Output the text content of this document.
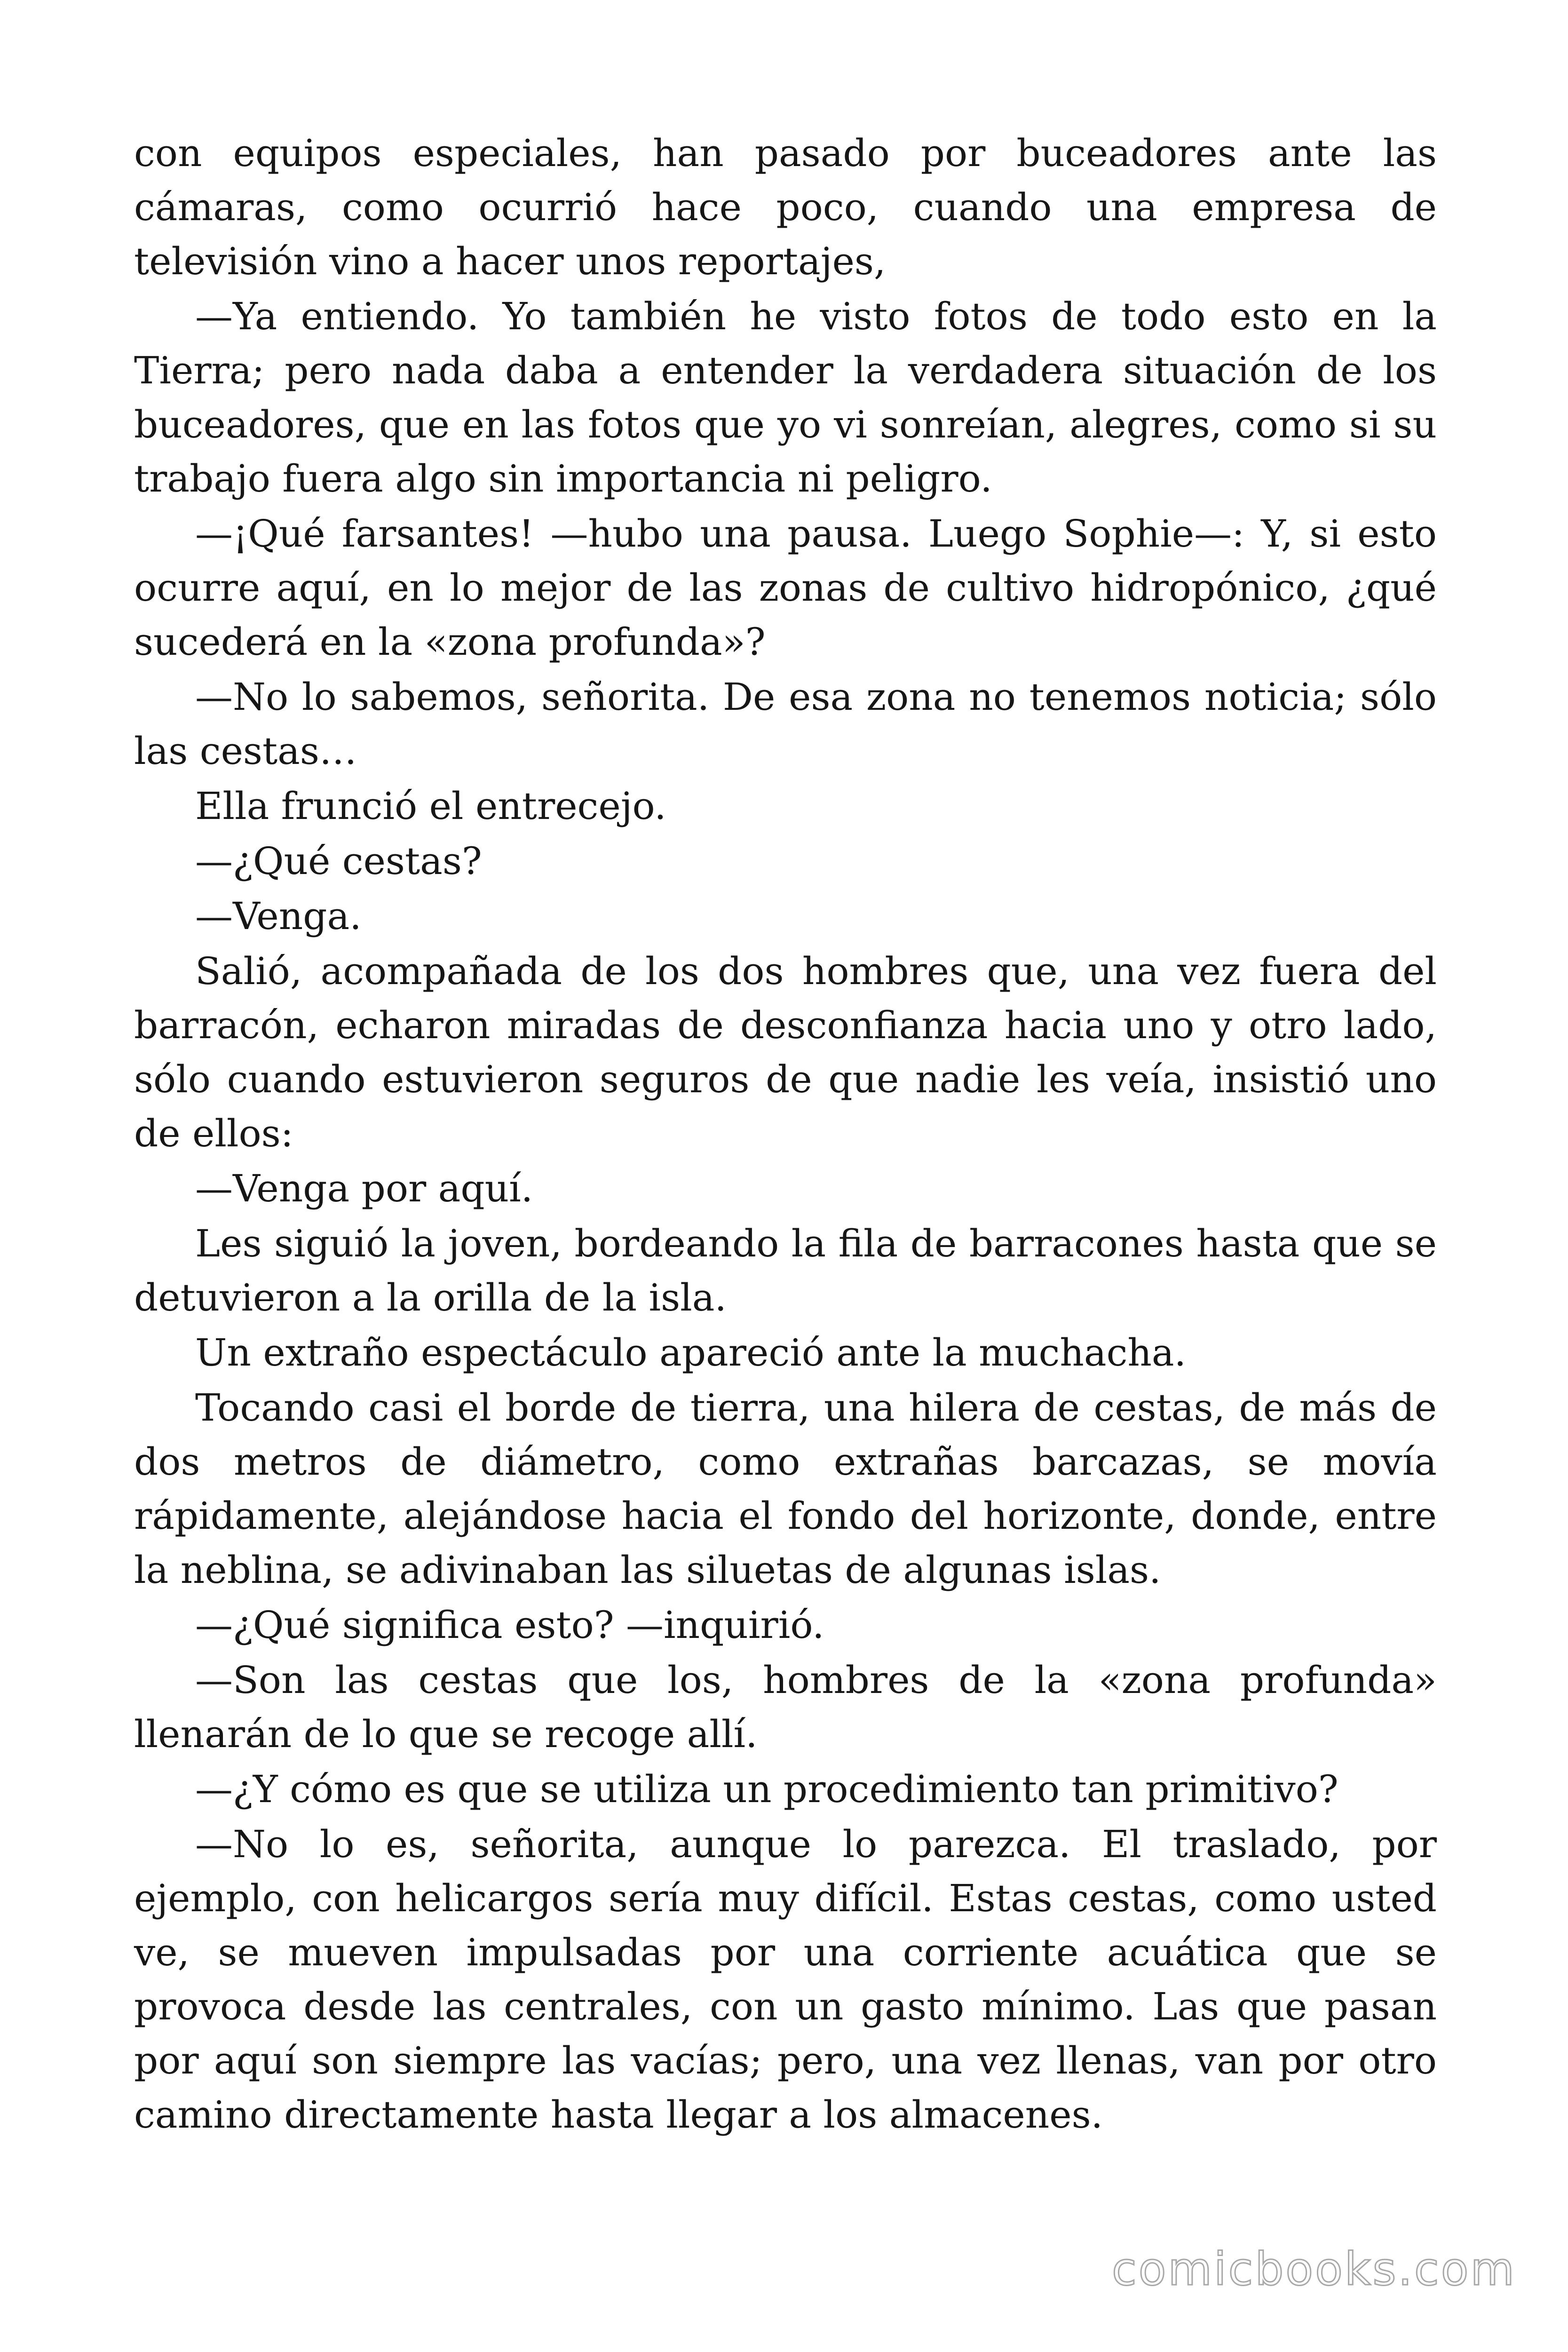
con equipos especiales, han pasado por buceadores ante las cámaras, como ocurrió hace poco, cuando una empresa de televisión vino a hacer unos reportajes,

—Ya entiendo. Yo también he visto fotos de todo esto en la Tierra; pero nada daba a entender la verdadera situación de los buceadores, que en las fotos que yo vi sonreían, alegres, como si su trabajo fuera algo sin importancia ni peligro.

—¡Qué farsantes! —hubo una pausa. Luego Sophie—: Y, si esto ocurre aquí, en lo mejor de las zonas de cultivo hidropónico, ¿qué sucederá en la «zona profunda»?

—No lo sabemos, señorita. De esa zona no tenemos noticia; sólo las cestas…

Ella frunció el entrecejo.

—¿Qué cestas?

—Venga.

Salió, acompañada de los dos hombres que, una vez fuera del barracón, echaron miradas de desconfianza hacia uno y otro lado, sólo cuando estuvieron seguros de que nadie les veía, insistió uno de ellos:

—Venga por aquí.

Les siguió la joven, bordeando la fila de barracones hasta que se detuvieron a la orilla de la isla.

Un extraño espectáculo apareció ante la muchacha.

Tocando casi el borde de tierra, una hilera de cestas, de más de dos metros de diámetro, como extrañas barcazas, se movía rápidamente, alejándose hacia el fondo del horizonte, donde, entre la neblina, se adivinaban las siluetas de algunas islas.

—¿Qué significa esto? —inquirió.

—Son las cestas que los, hombres de la «zona profunda» llenarán de lo que se recoge allí.

—¿Y cómo es que se utiliza un procedimiento tan primitivo?

—No lo es, señorita, aunque lo parezca. El traslado, por ejemplo, con helicargos sería muy difícil. Estas cestas, como usted ve, se mueven impulsadas por una corriente acuática que se provoca desde las centrales, con un gasto mínimo. Las que pasan por aquí son siempre las vacías; pero, una vez llenas, van por otro camino directamente hasta llegar a los almacenes.

comicbooks.com
